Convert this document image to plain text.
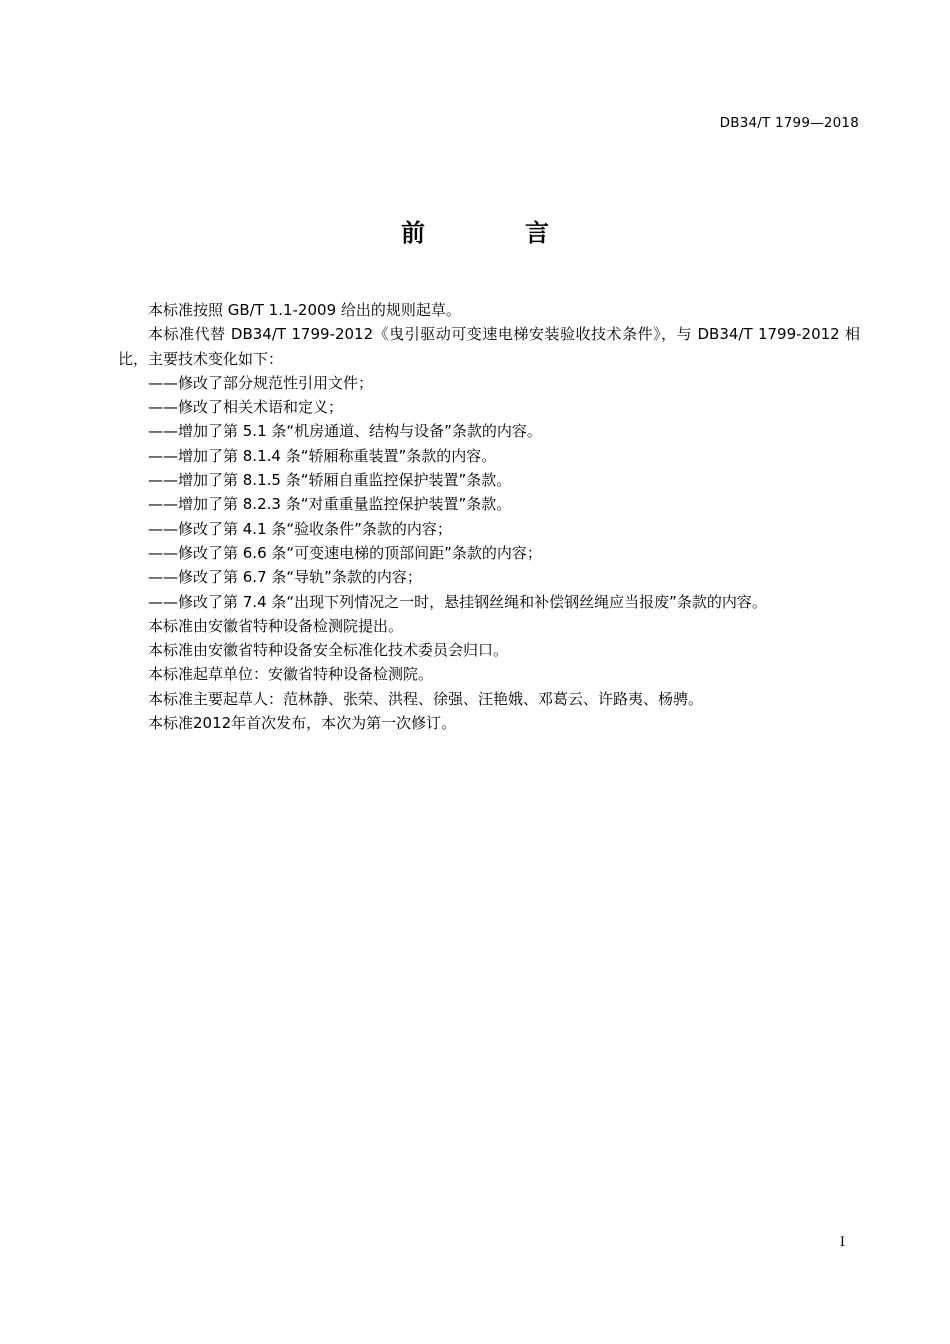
DB34/T 1799—2018
前　言

本标准按照 GB/T 1.1-2009 给出的规则起草。

本标准代替 DB34/T 1799-2012《曳引驱动可变速电梯安装验收技术条件》，与 DB34/T 1799-2012 相比，主要技术变化如下：

——修改了部分规范性引用文件；

——修改了相关术语和定义；

——增加了第 5.1 条“机房通道、结构与设备”条款的内容。

——增加了第 8.1.4 条“轿厢称重装置”条款的内容。

——增加了第 8.1.5 条“轿厢自重监控保护装置”条款。

——增加了第 8.2.3 条“对重重量监控保护装置”条款。

——修改了第 4.1 条“验收条件”条款的内容；

——修改了第 6.6 条“可变速电梯的顶部间距”条款的内容；

——修改了第 6.7 条“导轨”条款的内容；

——修改了第 7.4 条“出现下列情况之一时，悬挂钢丝绳和补偿钢丝绳应当报废”条款的内容。

本标准由安徽省特种设备检测院提出。

本标准由安徽省特种设备安全标准化技术委员会归口。

本标准起草单位：安徽省特种设备检测院。

本标准主要起草人：范林静、张荣、洪程、徐强、汪艳娥、邓葛云、许路夷、杨骋。

本标准2012年首次发布，本次为第一次修订。

I
